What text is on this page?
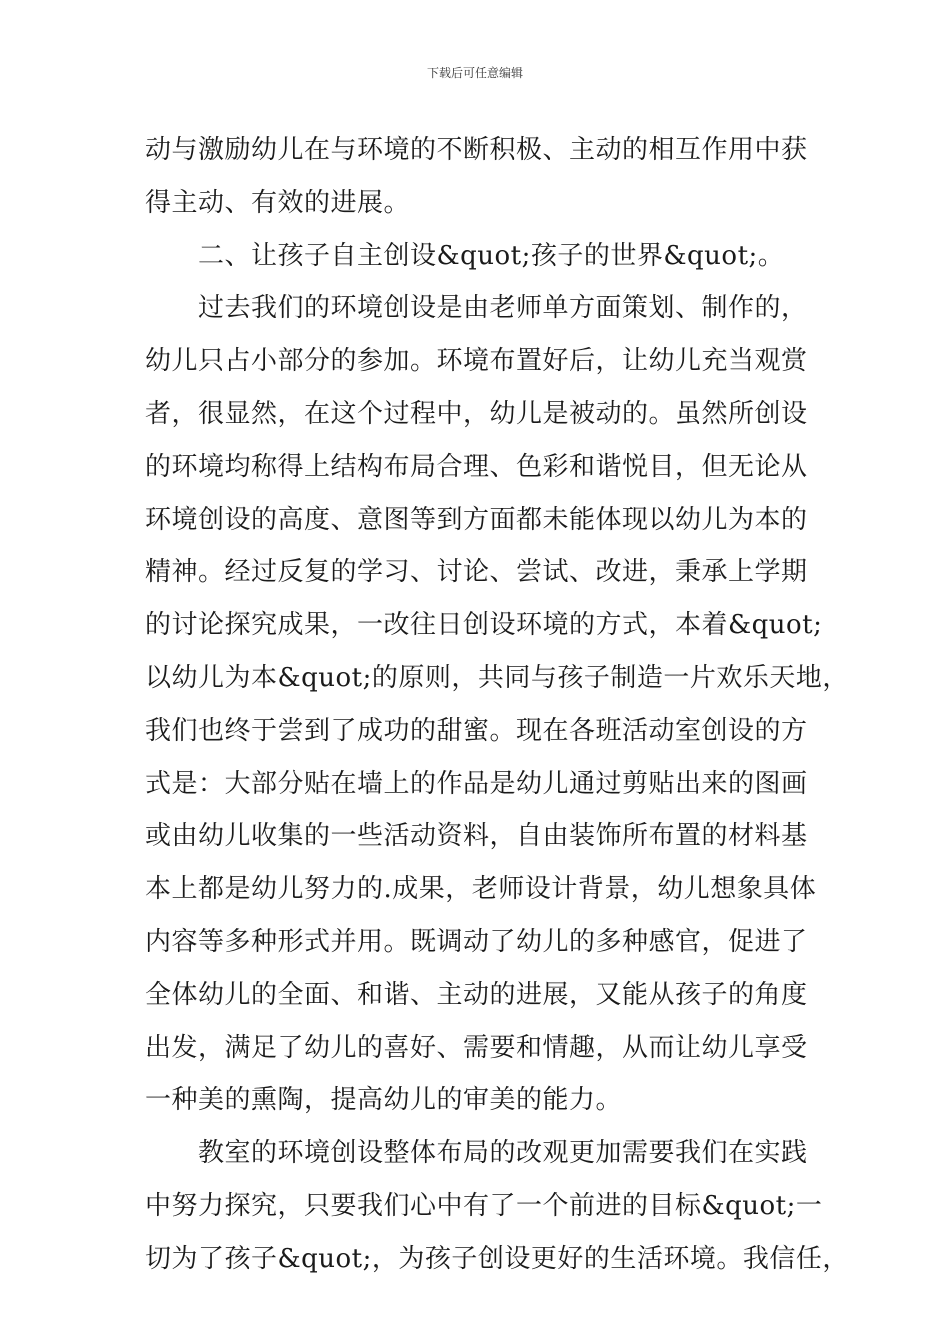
下载后可任意编辑
动与激励幼儿在与环境的不断积极、主动的相互作用中获
得主动、有效的进展。
　　二、让孩子自主创设&quot;孩子的世界&quot;。
　　过去我们的环境创设是由老师单方面策划、制作的，
幼儿只占小部分的参加。环境布置好后，让幼儿充当观赏
者，很显然，在这个过程中，幼儿是被动的。虽然所创设
的环境均称得上结构布局合理、色彩和谐悦目，但无论从
环境创设的高度、意图等到方面都未能体现以幼儿为本的
精神。经过反复的学习、讨论、尝试、改进，秉承上学期
的讨论探究成果，一改往日创设环境的方式，本着&quot;
以幼儿为本&quot;的原则，共同与孩子制造一片欢乐天地，
我们也终于尝到了成功的甜蜜。现在各班活动室创设的方
式是：大部分贴在墙上的作品是幼儿通过剪贴出来的图画
或由幼儿收集的一些活动资料，自由装饰所布置的材料基
本上都是幼儿努力的.成果，老师设计背景，幼儿想象具体
内容等多种形式并用。既调动了幼儿的多种感官，促进了
全体幼儿的全面、和谐、主动的进展，又能从孩子的角度
出发，满足了幼儿的喜好、需要和情趣，从而让幼儿享受
一种美的熏陶，提高幼儿的审美的能力。
　　教室的环境创设整体布局的改观更加需要我们在实践
中努力探究，只要我们心中有了一个前进的目标&quot;一
切为了孩子&quot;，为孩子创设更好的生活环境。我信任，
